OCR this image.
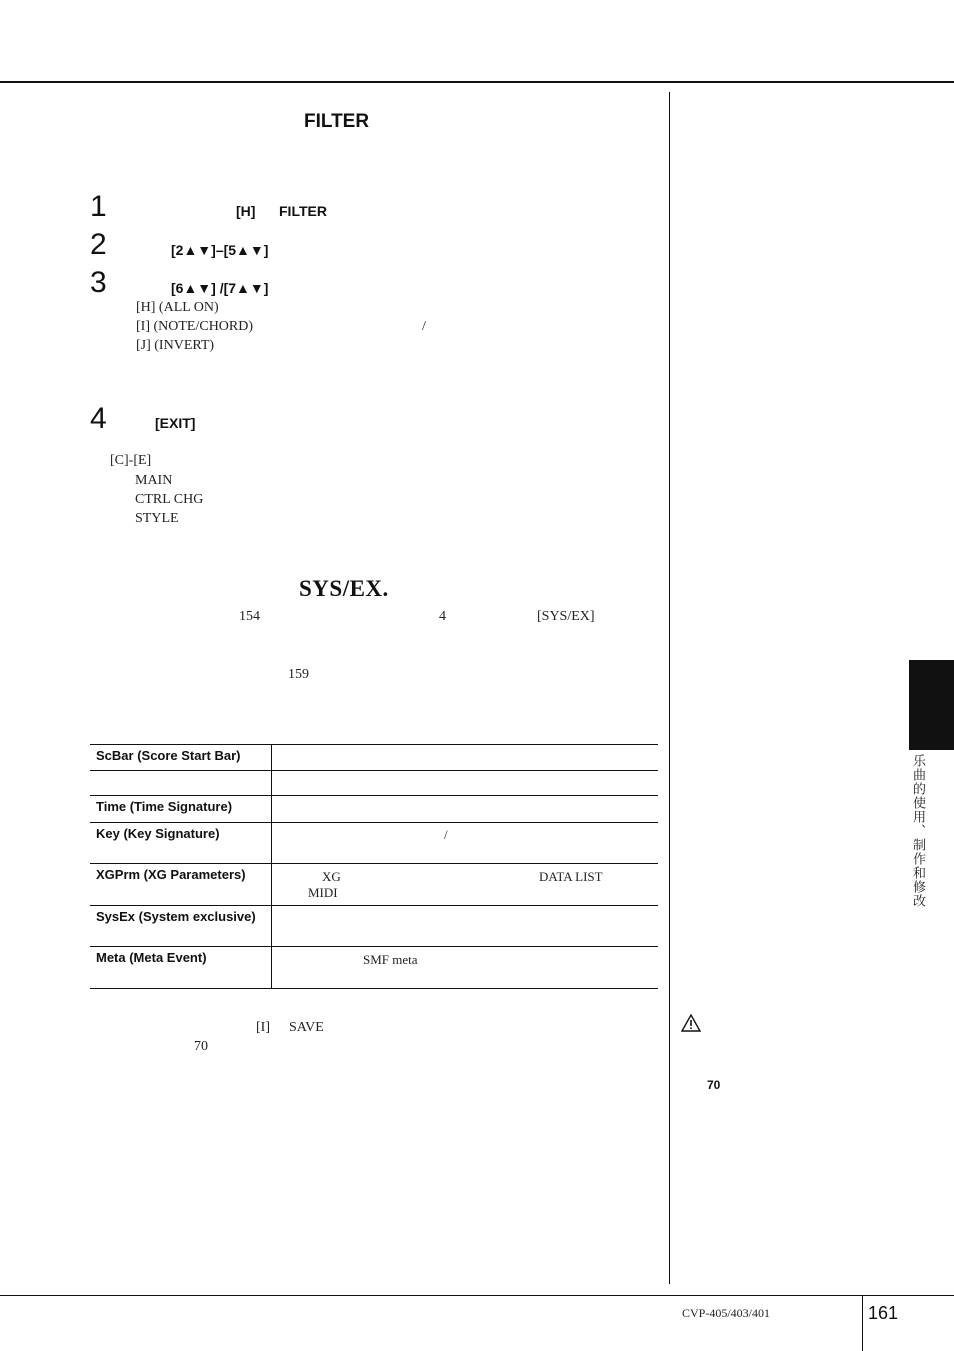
FILTER
1	[H] FILTER
2	[2▲▼]–[5▲▼]
3	[6▲▼] /[7▲▼]
[H] (ALL ON)
[I] (NOTE/CHORD)	/
[J] (INVERT)
4	[EXIT]
[C]-[E]
MAIN
CTRL CHG
STYLE
SYS/EX.
154	4	[SYS/EX]
159
ScBar (Score Start Bar)	

Time (Time Signature)	
Key (Key Signature)	/

XGPrm (XG Parameters)	XG DATA LIST
MIDI

SysEx (System exclusive)	
Meta (Meta Event)	SMF meta
[I] SAVE
70
乐曲的使用、制作和修改
70
CVP-405/403/401	161
